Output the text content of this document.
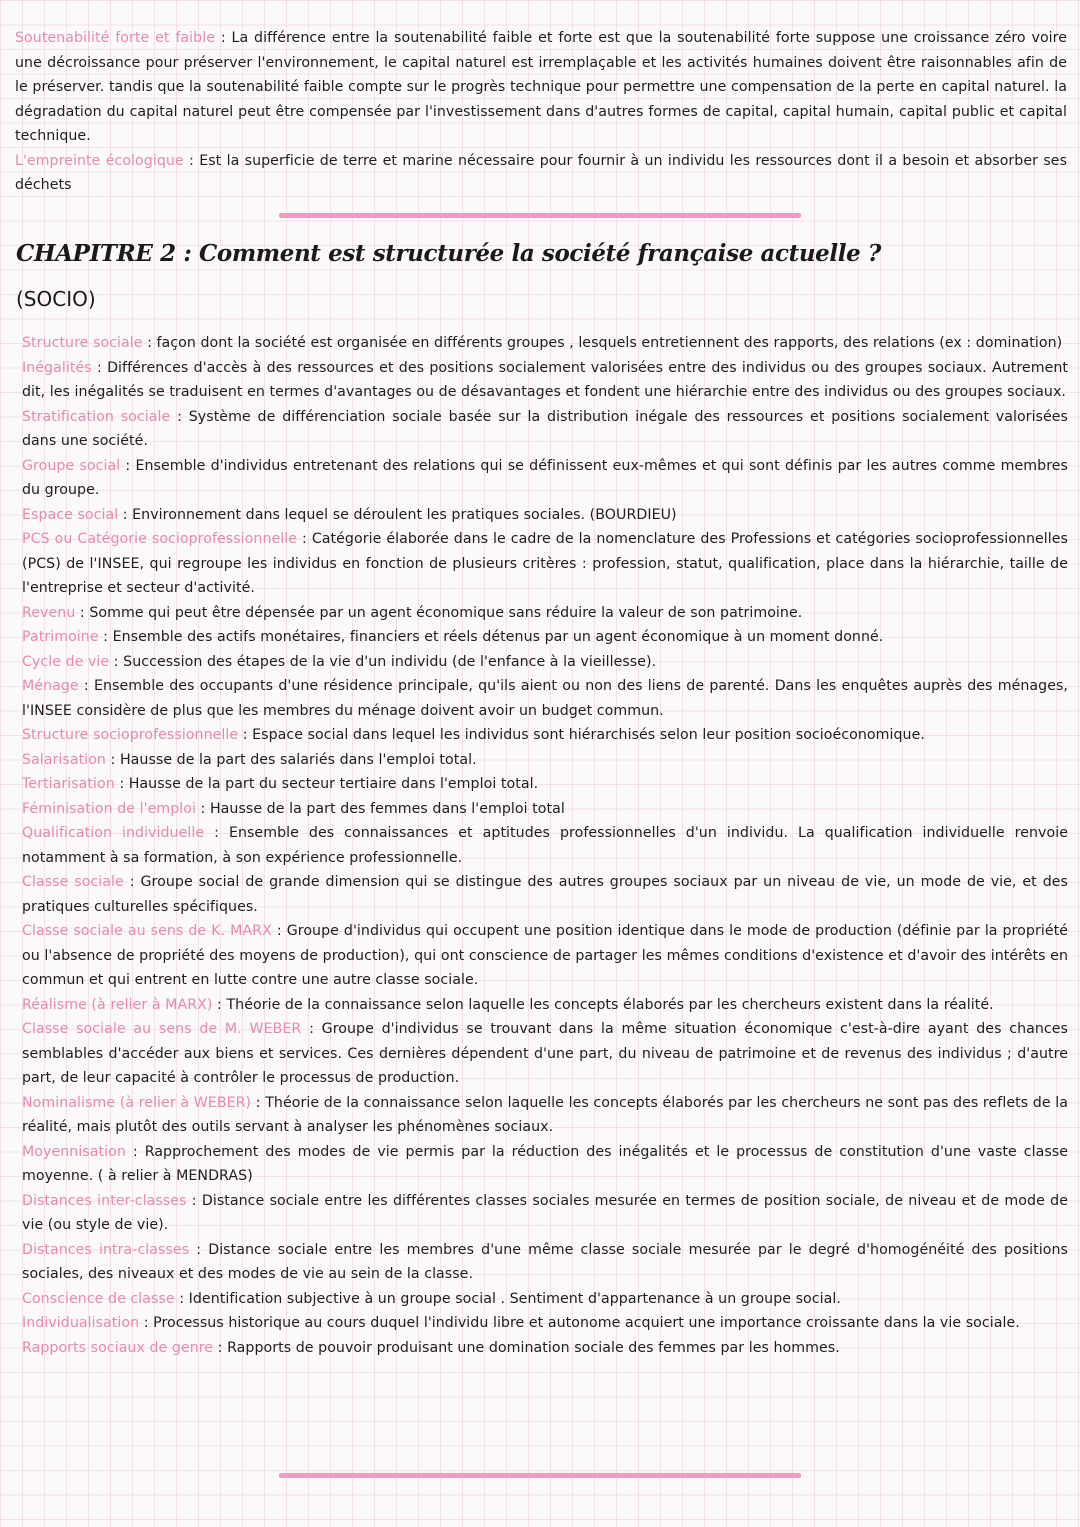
Soutenabilité forte et faible : La différence entre la soutenabilité faible et forte est que la soutenabilité forte suppose une croissance zéro voire une décroissance pour préserver l'environnement, le capital naturel est irremplaçable et les activités humaines doivent être raisonnables afin de le préserver. tandis que la soutenabilité faible compte sur le progrès technique pour permettre une compensation de la perte en capital naturel. la dégradation du capital naturel peut être compensée par l'investissement dans d'autres formes de capital, capital humain, capital public et capital technique.

L'empreinte écologique : Est la superficie de terre et marine nécessaire pour fournir à un individu les ressources dont il a besoin et absorber ses déchets

CHAPITRE 2 : Comment est structurée la société française actuelle ?
(SOCIO)

Structure sociale : façon dont la société est organisée en différents groupes , lesquels entretiennent des rapports, des relations (ex : domination)

Inégalités : Différences d'accès à des ressources et des positions socialement valorisées entre des individus ou des groupes sociaux. Autrement dit, les inégalités se traduisent en termes d'avantages ou de désavantages et fondent une hiérarchie entre des individus ou des groupes sociaux.

Stratification sociale : Système de différenciation sociale basée sur la distribution inégale des ressources et positions socialement valorisées dans une société.

Groupe social : Ensemble d'individus entretenant des relations qui se définissent eux-mêmes et qui sont définis par les autres comme membres du groupe.

Espace social : Environnement dans lequel se déroulent les pratiques sociales. (BOURDIEU)

PCS ou Catégorie socioprofessionnelle : Catégorie élaborée dans le cadre de la nomenclature des Professions et catégories socioprofessionnelles (PCS) de l'INSEE, qui regroupe les individus en fonction de plusieurs critères : profession, statut, qualification, place dans la hiérarchie, taille de l'entreprise et secteur d'activité.

Revenu : Somme qui peut être dépensée par un agent économique sans réduire la valeur de son patrimoine.

Patrimoine : Ensemble des actifs monétaires, financiers et réels détenus par un agent économique à un moment donné.

Cycle de vie : Succession des étapes de la vie d'un individu (de l'enfance à la vieillesse).

Ménage : Ensemble des occupants d'une résidence principale, qu'ils aient ou non des liens de parenté. Dans les enquêtes auprès des ménages, l'INSEE considère de plus que les membres du ménage doivent avoir un budget commun.

Structure socioprofessionnelle : Espace social dans lequel les individus sont hiérarchisés selon leur position socioéconomique.

Salarisation : Hausse de la part des salariés dans l'emploi total.

Tertiarisation : Hausse de la part du secteur tertiaire dans l'emploi total.

Féminisation de l'emploi : Hausse de la part des femmes dans l'emploi total

Qualification individuelle : Ensemble des connaissances et aptitudes professionnelles d'un individu. La qualification individuelle renvoie notamment à sa formation, à son expérience professionnelle.

Classe sociale : Groupe social de grande dimension qui se distingue des autres groupes sociaux par un niveau de vie, un mode de vie, et des pratiques culturelles spécifiques.

Classe sociale au sens de K. MARX : Groupe d'individus qui occupent une position identique dans le mode de production (définie par la propriété ou l'absence de propriété des moyens de production), qui ont conscience de partager les mêmes conditions d'existence et d'avoir des intérêts en commun et qui entrent en lutte contre une autre classe sociale.

Réalisme (à relier à MARX) : Théorie de la connaissance selon laquelle les concepts élaborés par les chercheurs existent dans la réalité.

Classe sociale au sens de M. WEBER : Groupe d'individus se trouvant dans la même situation économique c'est-à-dire ayant des chances semblables d'accéder aux biens et services. Ces dernières dépendent d'une part, du niveau de patrimoine et de revenus des individus ; d'autre part, de leur capacité à contrôler le processus de production.

Nominalisme (à relier à WEBER) : Théorie de la connaissance selon laquelle les concepts élaborés par les chercheurs ne sont pas des reflets de la réalité, mais plutôt des outils servant à analyser les phénomènes sociaux.

Moyennisation : Rapprochement des modes de vie permis par la réduction des inégalités et le processus de constitution d'une vaste classe moyenne. ( à relier à MENDRAS)

Distances inter-classes : Distance sociale entre les différentes classes sociales mesurée en termes de position sociale, de niveau et de mode de vie (ou style de vie).

Distances intra-classes : Distance sociale entre les membres d'une même classe sociale mesurée par le degré d'homogénéité des positions sociales, des niveaux et des modes de vie au sein de la classe.

Conscience de classe : Identification subjective à un groupe social . Sentiment d'appartenance à un groupe social.

Individualisation : Processus historique au cours duquel l'individu libre et autonome acquiert une importance croissante dans la vie sociale.

Rapports sociaux de genre : Rapports de pouvoir produisant une domination sociale des femmes par les hommes.
